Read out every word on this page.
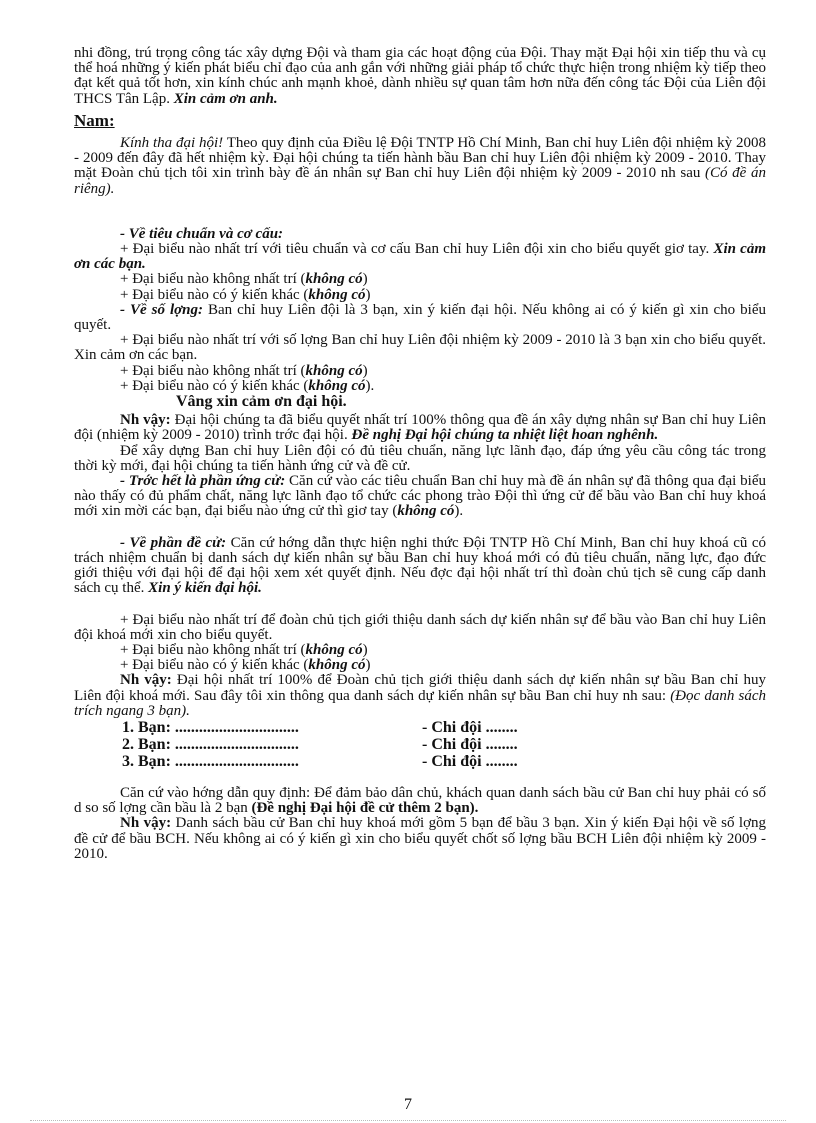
nhi đồng, trú trọng công tác xây dựng Đội và tham gia các hoạt động của Đội. Thay mặt Đại hội xin tiếp thu và cụ thể hoá những ý kiến phát biểu chỉ đạo của anh gắn với những giải pháp tổ chức thực hiện trong nhiệm kỳ tiếp theo đạt kết quả tốt hơn, xin kính chúc anh mạnh khoẻ, dành nhiều sự quan tâm hơn nữa đến công tác Đội của Liên đội THCS Tân Lập. Xin cảm ơn anh.

Nam:

Kính tha đại hội! Theo quy định của Điều lệ Đội TNTP Hồ Chí Minh, Ban chỉ huy Liên đội nhiệm kỳ 2008 - 2009 đến đây đã hết nhiệm kỳ. Đại hội chúng ta tiến hành bầu Ban chỉ huy Liên đội nhiệm kỳ 2009 - 2010. Thay mặt Đoàn chủ tịch tôi xin trình bày đề án nhân sự Ban chỉ huy Liên đội nhiệm kỳ 2009 - 2010 nh sau (Có đề án riêng).

- Về tiêu chuẩn và cơ cấu:

+ Đại biểu nào nhất trí với tiêu chuẩn và cơ cấu Ban chỉ huy Liên đội xin cho biểu quyết giơ tay. Xin cảm ơn các bạn.

+ Đại biểu nào không nhất trí (không có)

+ Đại biểu nào có ý kiến khác (không có)

- Về số lợng: Ban chỉ huy Liên đội là 3 bạn, xin ý kiến đại hội. Nếu không ai có ý kiến gì xin cho biểu quyết.

+ Đại biểu nào nhất trí với số lợng Ban chỉ huy Liên đội nhiệm kỳ 2009 - 2010 là 3 bạn xin cho biểu quyết. Xin cảm ơn các bạn.

+ Đại biểu nào không nhất trí (không có)

+ Đại biểu nào có ý kiến khác (không có).

Vâng xin cảm ơn đại hội.

Nh vậy: Đại hội chúng ta đã biểu quyết nhất trí 100% thông qua đề án xây dựng nhân sự Ban chỉ huy Liên đội (nhiệm kỳ 2009 - 2010) trình trớc đại hội. Đề nghị Đại hội chúng ta nhiệt liệt hoan nghênh.

Để xây dựng Ban chỉ huy Liên đội có đủ tiêu chuẩn, năng lực lãnh đạo, đáp ứng yêu cầu công tác trong thời kỳ mới, đại hội chúng ta tiến hành ứng cử và đề cử.

- Trớc hết là phần ứng cử: Căn cứ vào các tiêu chuẩn Ban chỉ huy mà đề án nhân sự đã thông qua đại biểu nào thấy có đủ phẩm chất, năng lực lãnh đạo tổ chức các phong trào Đội thì ứng cử để bầu vào Ban chỉ huy khoá mới xin mời các bạn, đại biểu nào ứng cử thì giơ tay (không có).

- Về phần đề cử: Căn cứ hớng dẫn thực hiện nghi thức Đội TNTP Hồ Chí Minh, Ban chỉ huy khoá cũ có trách nhiệm chuẩn bị danh sách dự kiến nhân sự bầu Ban chỉ huy khoá mới có đủ tiêu chuẩn, năng lực, đạo đức giới thiệu với đại hội để đại hội xem xét quyết định. Nếu đợc đại hội nhất trí thì đoàn chủ tịch sẽ cung cấp danh sách cụ thể. Xin ý kiến đại hội.

+ Đại biểu nào nhất trí để đoàn chủ tịch giới thiệu danh sách dự kiến nhân sự để bầu vào Ban chỉ huy Liên đội khoá mới xin cho biểu quyết.

+ Đại biểu nào không nhất trí (không có)

+ Đại biểu nào có ý kiến khác (không có)

Nh vậy: Đại hội nhất trí 100% để Đoàn chủ tịch giới thiệu danh sách dự kiến nhân sự bầu Ban chỉ huy Liên đội khoá mới. Sau đây tôi xin thông qua danh sách dự kiến nhân sự bầu Ban chỉ huy nh sau: (Đọc danh sách trích ngang 3 bạn).

1. Bạn: ...............................	- Chi đội ........
2. Bạn: ...............................	- Chi đội ........
3. Bạn: ...............................	- Chi đội ........

Căn cứ vào hớng dẫn quy định: Để đảm bảo dân chủ, khách quan danh sách bầu cử Ban chỉ huy phải có số d so số lợng cần bầu là 2 bạn (Đề nghị Đại hội đề cử thêm 2 bạn).

Nh vậy: Danh sách bầu cử Ban chỉ huy khoá mới gồm 5 bạn để bầu 3 bạn. Xin ý kiến Đại hội về số lợng đề cử để bầu BCH. Nếu không ai có ý kiến gì xin cho biểu quyết chốt số lợng bầu BCH Liên đội nhiệm kỳ 2009 - 2010.

7
